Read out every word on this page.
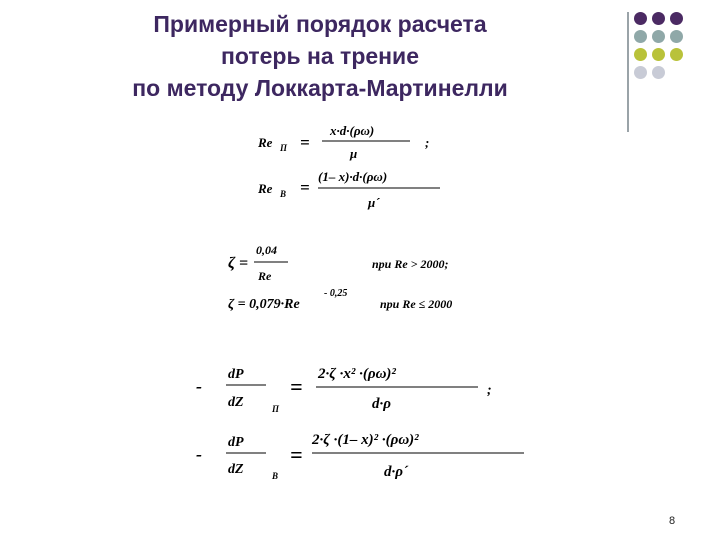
Примерный порядок расчета
потерь на трение
по методу Локкарта-Мартинелли
Re П =
x·d·(ρω)
μ
;
Re В =
(1– x)·d·(ρω)
μ´
ζ =
0,04
Re
при Re > 2000;
ζ = 0,079·Re
- 0,25
при Re ≤ 2000
-
dP
dZ	П
= 2·ζ ·x² ·(ρω)²
d·ρ
;
-
dP
dZ	В
=
2·ζ ·(1– x)² ·(ρω)²
d·ρ´
8
